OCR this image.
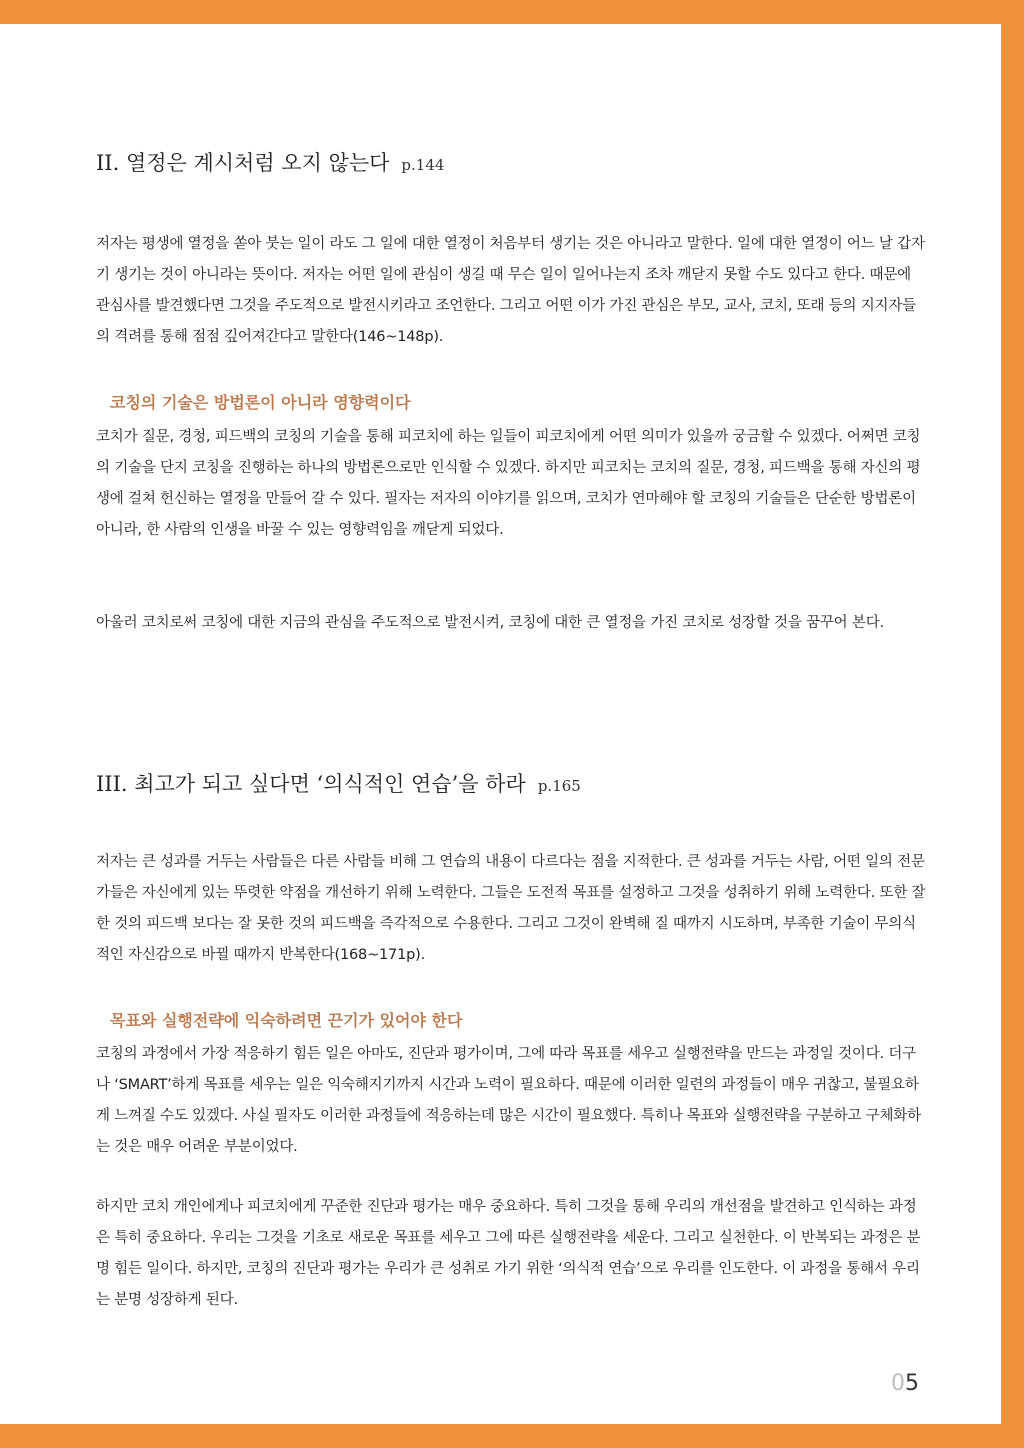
II. 열정은 계시처럼 오지 않는다 p.144

저자는 평생에 열정을 쏟아 붓는 일이 라도 그 일에 대한 열정이 처음부터 생기는 것은 아니라고 말한다. 일에 대한 열정이 어느 날 갑자기 생기는 것이 아니라는 뜻이다. 저자는 어떤 일에 관심이 생길 때 무슨 일이 일어나는지 조차 깨닫지 못할 수도 있다고 한다. 때문에 관심사를 발견했다면 그것을 주도적으로 발전시키라고 조언한다. 그리고 어떤 이가 가진 관심은 부모, 교사, 코치, 또래 등의 지지자들의 격려를 통해 점점 깊어져간다고 말한다(146~148p).

코칭의 기술은 방법론이 아니라 영향력이다

코치가 질문, 경청, 피드백의 코칭의 기술을 통해 피코치에 하는 일들이 피코치에게 어떤 의미가 있을까 궁금할 수 있겠다. 어쩌면 코칭의 기술을 단지 코칭을 진행하는 하나의 방법론으로만 인식할 수 있겠다. 하지만 피코치는 코치의 질문, 경청, 피드백을 통해 자신의 평생에 걸쳐 헌신하는 열정을 만들어 갈 수 있다. 필자는 저자의 이야기를 읽으며, 코치가 연마해야 할 코칭의 기술들은 단순한 방법론이 아니라, 한 사람의 인생을 바꿀 수 있는 영향력임을 깨닫게 되었다.

아울러 코치로써 코칭에 대한 지금의 관심을 주도적으로 발전시켜, 코칭에 대한 큰 열정을 가진 코치로 성장할 것을 꿈꾸어 본다.

III. 최고가 되고 싶다면 ‘의식적인 연습’을 하라 p.165

저자는 큰 성과를 거두는 사람들은 다른 사람들 비해 그 연습의 내용이 다르다는 점을 지적한다. 큰 성과를 거두는 사람, 어떤 일의 전문가들은 자신에게 있는 뚜렷한 약점을 개선하기 위해 노력한다. 그들은 도전적 목표를 설정하고 그것을 성취하기 위해 노력한다. 또한 잘한 것의 피드백 보다는 잘 못한 것의 피드백을 즉각적으로 수용한다. 그리고 그것이 완벽해 질 때까지 시도하며, 부족한 기술이 무의식적인 자신감으로 바뀔 때까지 반복한다(168~171p).

목표와 실행전략에 익숙하려면 끈기가 있어야 한다

코칭의 과정에서 가장 적응하기 힘든 일은 아마도, 진단과 평가이며, 그에 따라 목표를 세우고 실행전략을 만드는 과정일 것이다. 더구나 ‘SMART’하게 목표를 세우는 일은 익숙해지기까지 시간과 노력이 필요하다. 때문에 이러한 일련의 과정들이 매우 귀찮고, 불필요하게 느껴질 수도 있겠다. 사실 필자도 이러한 과정들에 적응하는데 많은 시간이 필요했다. 특히나 목표와 실행전략을 구분하고 구체화하는 것은 매우 어려운 부분이었다.

하지만 코치 개인에게나 피코치에게 꾸준한 진단과 평가는 매우 중요하다. 특히 그것을 통해 우리의 개선점을 발견하고 인식하는 과정은 특히 중요하다. 우리는 그것을 기초로 새로운 목표를 세우고 그에 따른 실행전략을 세운다. 그리고 실천한다. 이 반복되는 과정은 분명 힘든 일이다. 하지만, 코칭의 진단과 평가는 우리가 큰 성취로 가기 위한 ‘의식적 연습’으로 우리를 인도한다. 이 과정을 통해서 우리는 분명 성장하게 된다.

05
